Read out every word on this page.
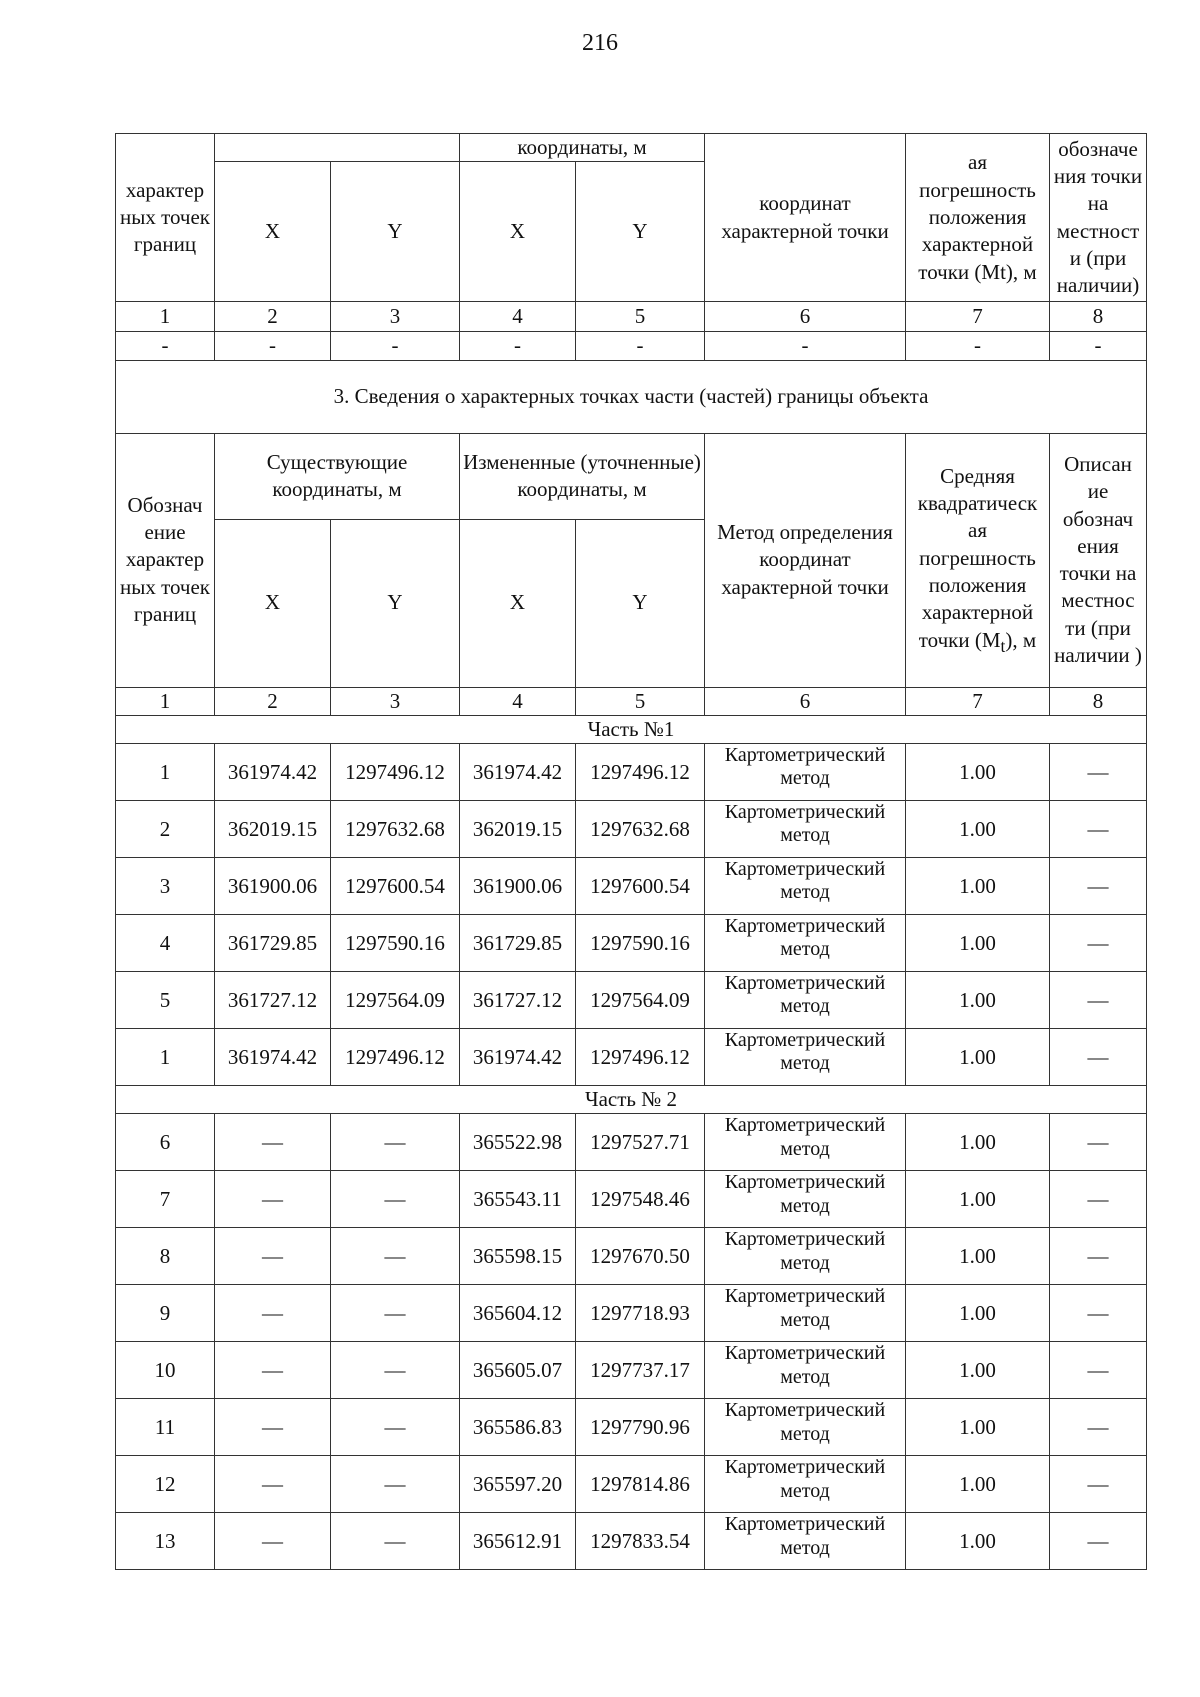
216
характер ных точек границ			координаты, м		координат характерной точки	ая погрешность положения характерной точки (Mt), м	обозначе ния точки на местност и (при наличии)
	X	Y	X	Y			
1	2	3	4	5	6	7	8
-	-	-	-	-	-	-	-
3. Сведения о характерных точках части (частей) границы объекта							
Обознач ение характер ных точек границ	Существующие координаты, м		Измененные (уточненные) координаты, м		Метод определения координат характерной точки	Средняя квадратическ ая погрешность положения характерной точки $(M_t)$, м	Описан ие обознач ения точки на местнос ти (при наличии )
	X	Y	X	Y			
1	2	3	4	5	6	7	8
Часть №1							
1	361974.42	1297496.12	361974.42	1297496.12	Картометрический метод	1.00	—
2	362019.15	1297632.68	362019.15	1297632.68	Картометрический метод	1.00	—
3	361900.06	1297600.54	361900.06	1297600.54	Картометрический метод	1.00	—
4	361729.85	1297590.16	361729.85	1297590.16	Картометрический метод	1.00	—
5	361727.12	1297564.09	361727.12	1297564.09	Картометрический метод	1.00	—
1	361974.42	1297496.12	361974.42	1297496.12	Картометрический метод	1.00	—
Часть № 2							
6	—	—	365522.98	1297527.71	Картометрический метод	1.00	—
7	—	—	365543.11	1297548.46	Картометрический метод	1.00	—
8	—	—	365598.15	1297670.50	Картометрический метод	1.00	—
9	—	—	365604.12	1297718.93	Картометрический метод	1.00	—
10	—	—	365605.07	1297737.17	Картометрический метод	1.00	—
11	—	—	365586.83	1297790.96	Картометрический метод	1.00	—
12	—	—	365597.20	1297814.86	Картометрический метод	1.00	—
13	—	—	365612.91	1297833.54	Картометрический метод	1.00	—
